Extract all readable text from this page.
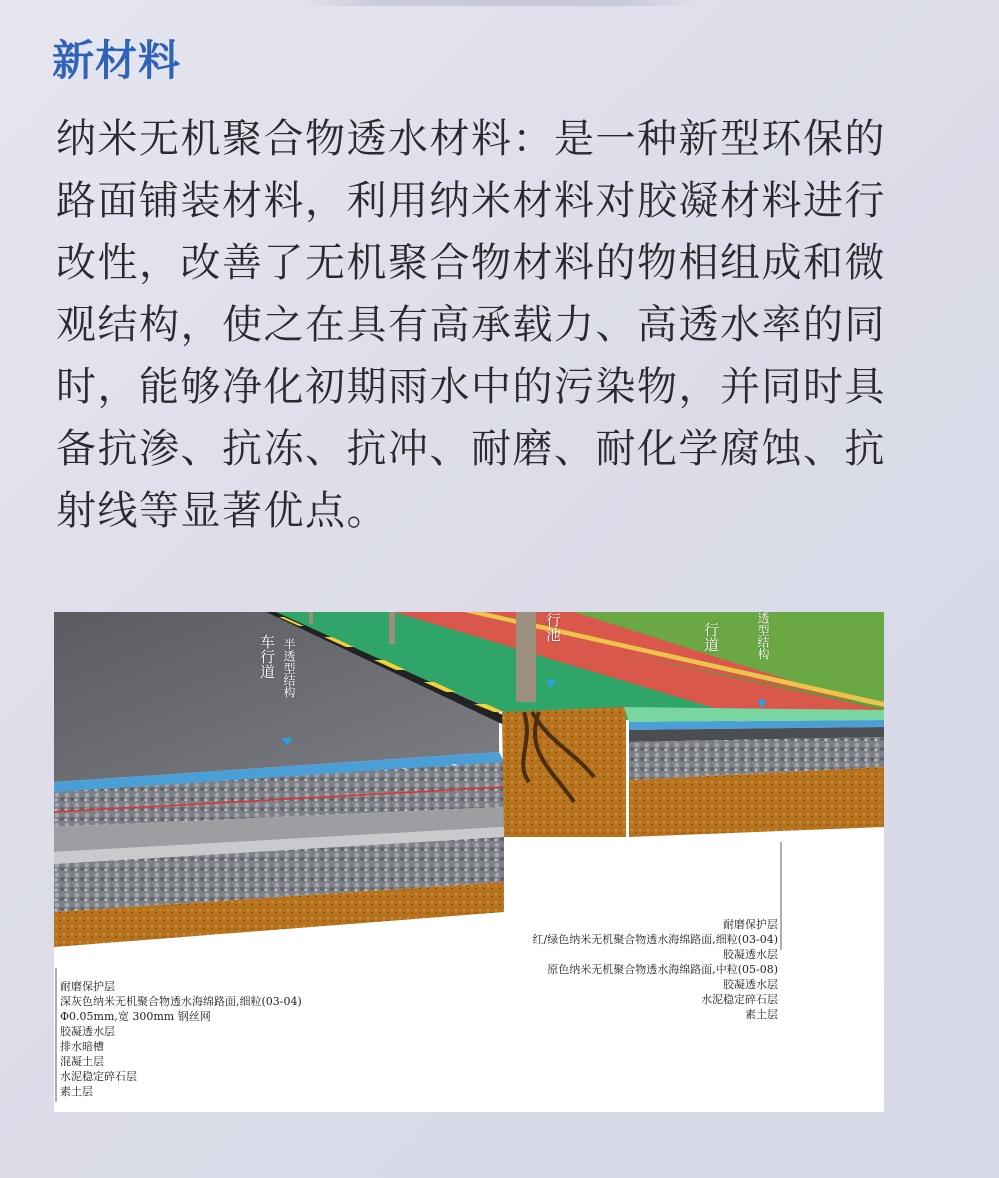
新材料
纳米无机聚合物透水材料：是一种新型环保的路面铺装材料，利用纳米材料对胶凝材料进行改性，改善了无机聚合物材料的物相组成和微观结构，使之在具有高承载力、高透水率的同时，能够净化初期雨水中的污染物，并同时具备抗渗、抗冻、抗冲、耐磨、耐化学腐蚀、抗射线等显著优点。
车行道 半透型结构
行池	行道	透型结构
耐磨保护层
深灰色纳米无机聚合物透水海绵路面,细粒(03-04)
Φ0.05mm,宽 300mm 钢丝网
胶凝透水层
排水暗槽
混凝土层
水泥稳定碎石层
素土层
耐磨保护层
红/绿色纳米无机聚合物透水海绵路面,细粒(03-04)
胶凝透水层
原色纳米无机聚合物透水海绵路面,中粒(05-08)
胶凝透水层
水泥稳定碎石层
素土层
